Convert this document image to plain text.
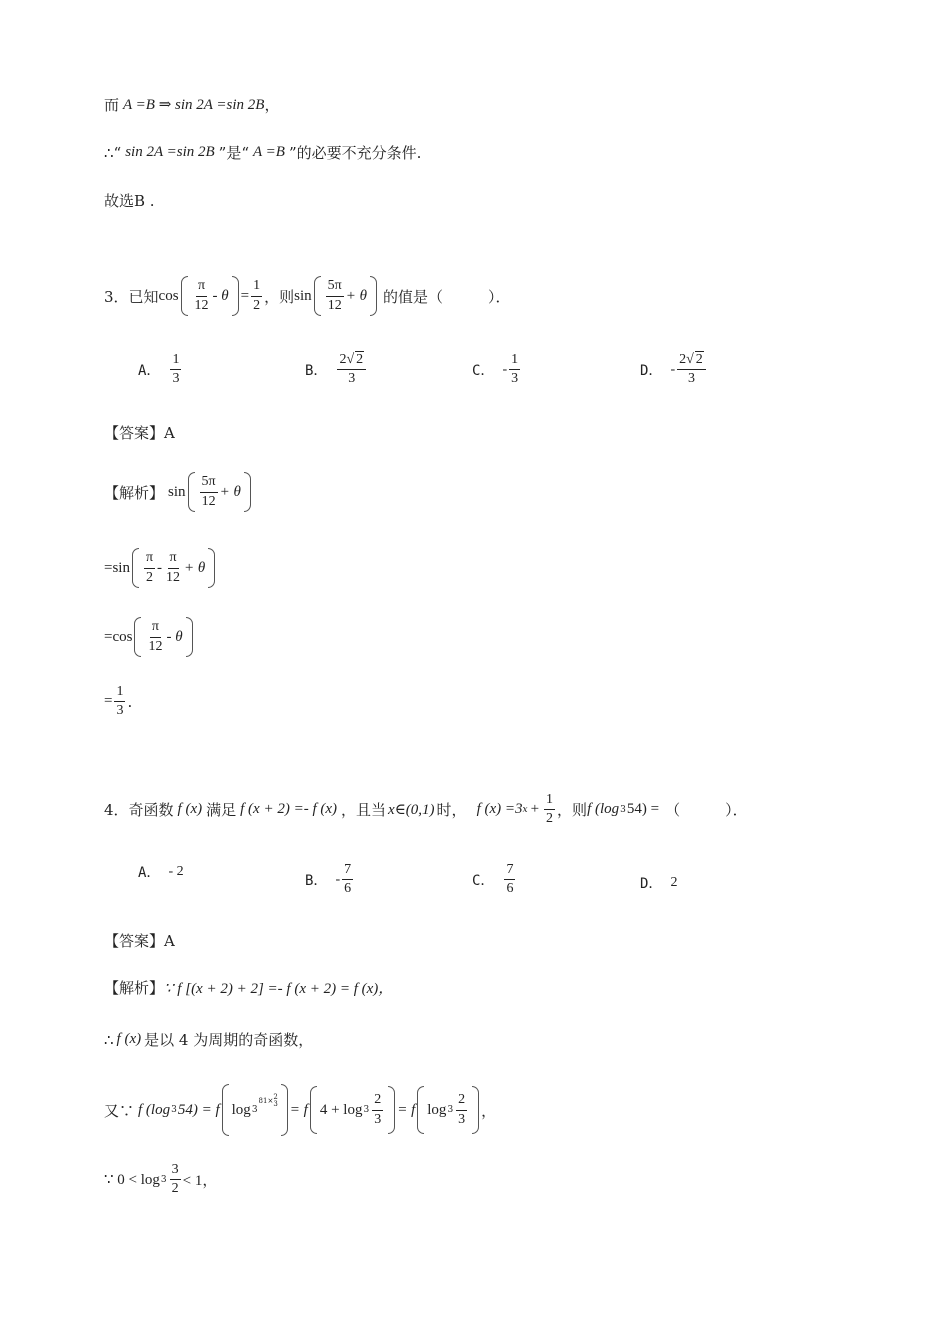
而 A =B ⇒ sin 2A =sin 2B ，
∴“ sin 2A =sin 2B ”是“ A =B ”的必要不充分条件.
故选B .
3．已知 $\cos \frac{\pi}{12} - \theta = \frac{1}{2}$ ，则 $\sin \frac{5\pi}{12} + \theta$ 的值是（　　　）．
A． $\frac{1}{3}$	B． $\frac{2√ 2}{3}$	C． - $\frac{1}{3}$	D． - $\frac{2√ 2}{3}$
【答案】A
【解析】 $\sin \frac{5\pi}{12} + \theta$
$=\sin \frac{\pi}{2} - \frac{\pi}{12} + \theta$
$=\cos \frac{\pi}{12} - \theta$
= $\frac{1}{3}$ .
4．奇函数 f (x) 满足 f (x + 2) =- f (x) ，且当 x∈(0,1) 时， f (x) =3 $x + \frac{1}{2}$ ，则 f (log 3 54) = （　　　）．
A． - 2
B． - $\frac{7}{6}$	C． $\frac{7}{6}$	D． 2
【答案】A
【解析】 ∵ f [(x + 2) + 2] =- f (x + 2) = f (x)，
∴ f (x) 是以 4 为周期的奇函数，
又∵ f (log 3 54) = f log 3
81× 2
3 = f $4 + \log 3 \frac{2}{3} = f$ $\log 3 \frac{2}{3}$ ，
∵ $0 < \log 3 \frac{3}{2} < 1$，
